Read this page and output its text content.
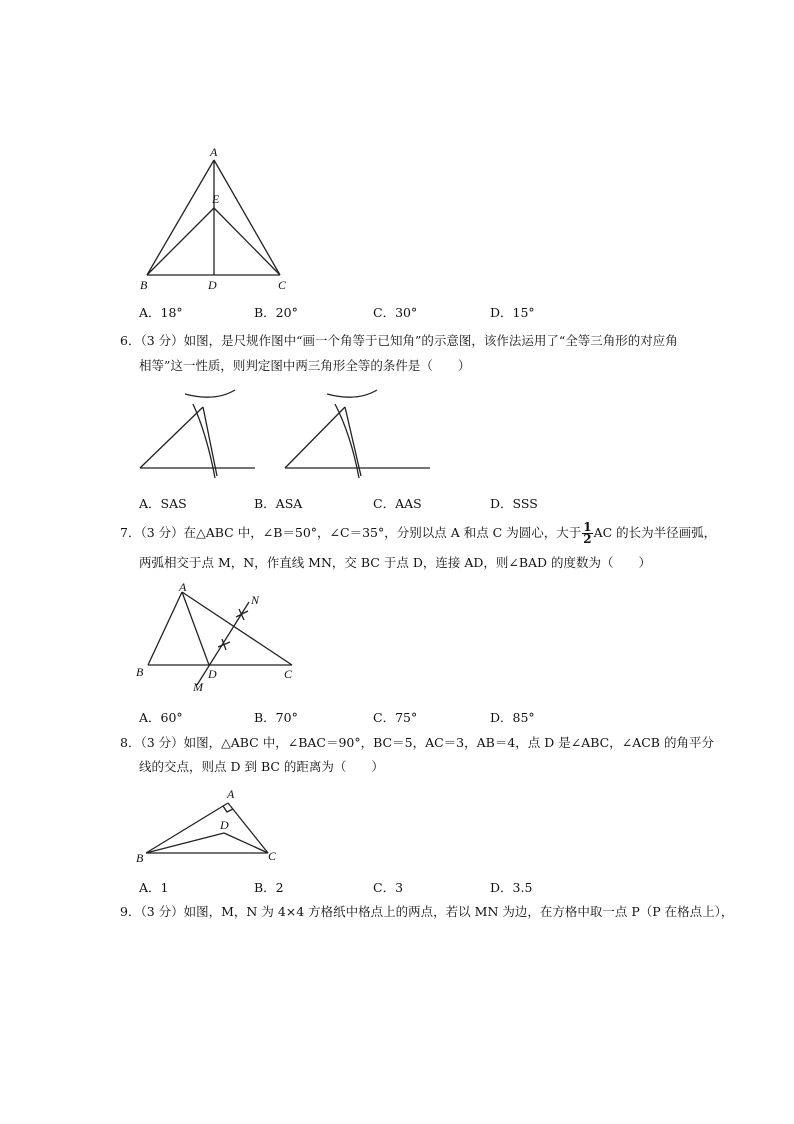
A
E
B	D	C
A．18°	B．20°	C．30°	D．15°
6．（3 分）如图，是尺规作图中“画一个角等于已知角”的示意图，该作法运用了“全等三角形的对应角
相等”这一性质，则判定图中两三角形全等的条件是（　　）
A．SAS	B．ASA	C．AAS	D．SSS
7．（3 分）在△ABC 中，∠B＝50°，∠C＝35°，分别以点 A 和点 C 为圆心，大于 $\frac{1}{2}$ AC 的长为半径画弧，
两弧相交于点 M，N，作直线 MN，交 BC 于点 D，连接 AD，则∠BAD 的度数为（　　）
A
N
B	D
M
C
A．60°	B．70°	C．75°	D．85°
8．（3 分）如图，△ABC 中，∠BAC＝90°，BC＝5，AC＝3，AB＝4，点 D 是∠ABC，∠ACB 的角平分
线的交点，则点 D 到 BC 的距离为（　　）
A
D
B	C
A．1	B．2	C．3	D．3.5
9．（3 分）如图，M，N 为 4×4 方格纸中格点上的两点，若以 MN 为边，在方格中取一点 P（P 在格点上），
